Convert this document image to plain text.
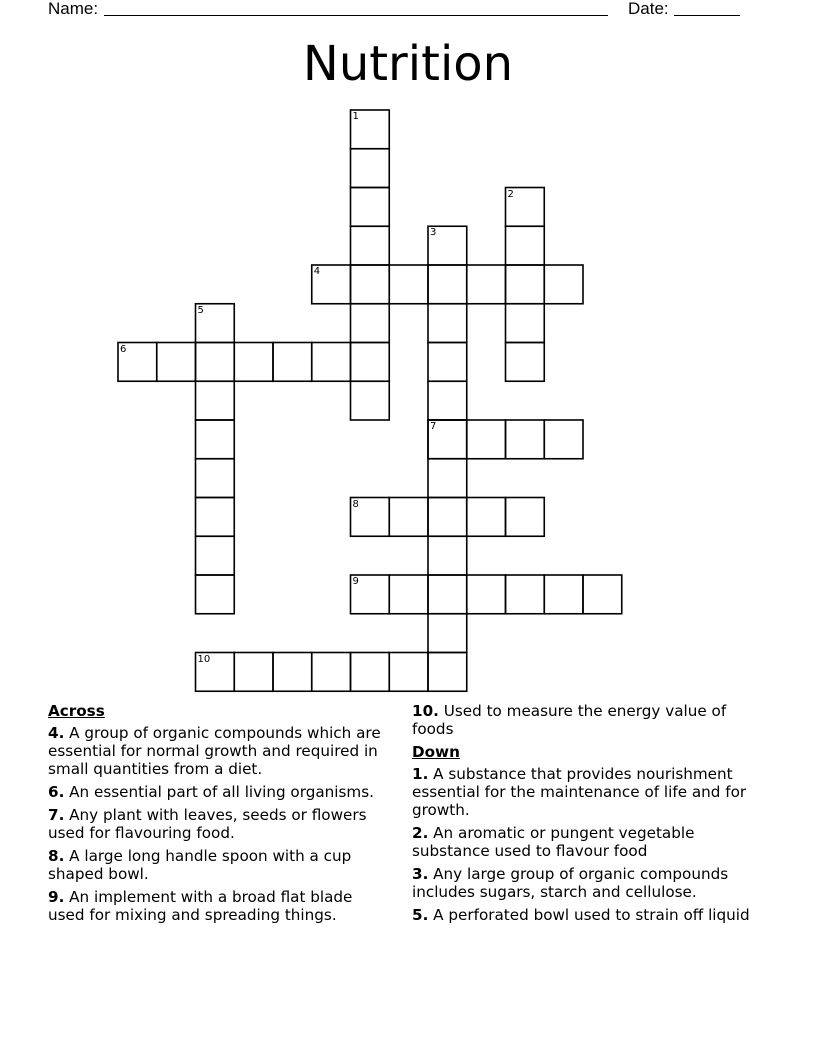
Name:	Date:
Nutrition
1
2
3
4
5
6
7
8
9
10
Across
4. A group of organic compounds which are essential for normal growth and required in small quantities from a diet.
6. An essential part of all living organisms.
7. Any plant with leaves, seeds or flowers used for flavouring food.
8. A large long handle spoon with a cup shaped bowl.
9. An implement with a broad flat blade used for mixing and spreading things.
10. Used to measure the energy value of foods
Down
1. A substance that provides nourishment essential for the maintenance of life and for growth.
2. An aromatic or pungent vegetable substance used to flavour food
3. Any large group of organic compounds includes sugars, starch and cellulose.
5. A perforated bowl used to strain off liquid
